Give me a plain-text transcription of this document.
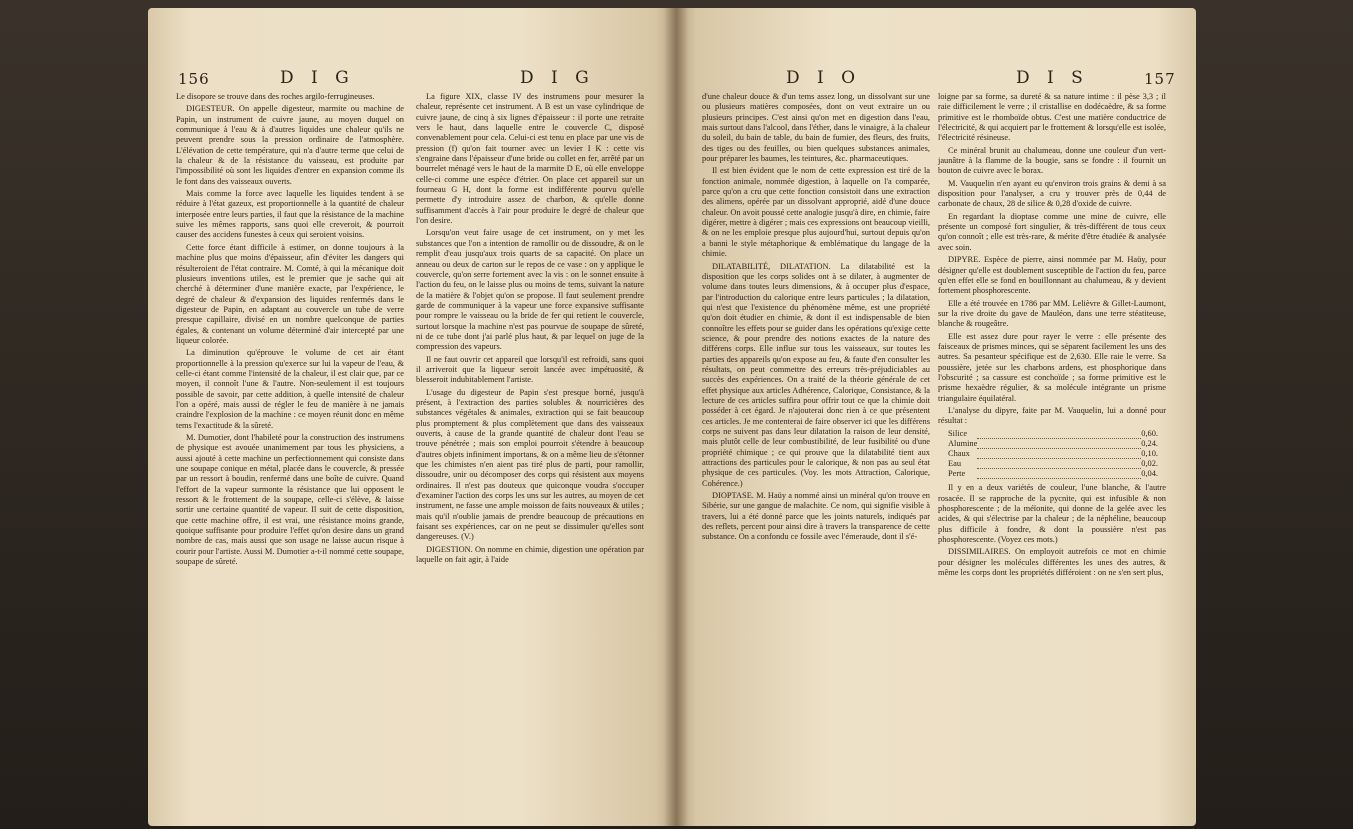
156	D I G	D I G

Le disopore se trouve dans des roches argilo-ferrugineuses.

DIGESTEUR. On appelle digesteur, marmite ou machine de Papin, un instrument de cuivre jaune, au moyen duquel on communique à l'eau & à d'autres liquides une chaleur qu'ils ne peuvent prendre sous la pression ordinaire de l'atmosphère. L'élévation de cette température, qui n'a d'autre terme que celui de la chaleur & de la résistance du vaisseau, est produite par l'impossibilité où sont les liquides d'entrer en expansion comme ils le font dans des vaisseaux ouverts.

Mais comme la force avec laquelle les liquides tendent à se réduire à l'état gazeux, est proportionnelle à la quantité de chaleur interposée entre leurs parties, il faut que la résistance de la machine suive les mêmes rapports, sans quoi elle creveroit, & pourroit causer des accidens funestes à ceux qui seroient voisins.

Cette force étant difficile à estimer, on donne toujours à la machine plus que moins d'épaisseur, afin d'éviter les dangers qui résulteroient de l'état contraire. M. Comté, à qui la mécanique doit plusieurs inventions utiles, est le premier que je sache qui ait cherché à déterminer d'une manière exacte, par l'expérience, le degré de chaleur & d'expansion des liquides renfermés dans le digesteur de Papin, en adaptant au couvercle un tube de verre presque capillaire, divisé en un nombre quelconque de parties égales, & contenant un volume déterminé d'air intercepté par une liqueur colorée.

La diminution qu'éprouve le volume de cet air étant proportionnelle à la pression qu'exerce sur lui la vapeur de l'eau, & celle-ci étant comme l'intensité de la chaleur, il est clair que, par ce moyen, il connoît l'une & l'autre. Non-seulement il est toujours possible de savoir, par cette addition, à quelle intensité de chaleur l'on a opéré, mais aussi de régler le feu de manière à ne jamais craindre l'explosion de la machine : ce moyen réunit donc en même tems l'exactitude & la sûreté.

M. Dumotier, dont l'habileté pour la construction des instrumens de physique est avouée unanimement par tous les physiciens, a aussi ajouté à cette machine un perfectionnement qui consiste dans une soupape conique en métal, placée dans le couvercle, & pressée par un ressort à boudin, renfermé dans une boîte de cuivre. Quand l'effort de la vapeur surmonte la résistance que lui opposent le ressort & le frottement de la soupape, celle-ci s'élève, & laisse sortir une certaine quantité de vapeur. Il suit de cette disposition, que cette machine offre, il est vrai, une résistance moins grande, quoique suffisante pour produire l'effet qu'on desire dans un grand nombre de cas, mais aussi que son usage ne laisse aucun risque à courir pour l'artiste. Aussi M. Dumotier a-t-il nommé cette soupape, soupape de sûreté.

La figure XIX, classe IV des instrumens pour mesurer la chaleur, représente cet instrument. A B est un vase cylindrique de cuivre jaune, de cinq à six lignes d'épaisseur : il porte une retraite vers le haut, dans laquelle entre le couvercle C, disposé convenablement pour cela. Celui-ci est tenu en place par une vis de pression (f) qu'on fait tourner avec un levier I K : cette vis s'engraine dans l'épaisseur d'une bride ou collet en fer, arrêté par un bourrelet ménagé vers le haut de la marmite D E, où elle enveloppe celle-ci comme une espèce d'étrier. On place cet appareil sur un fourneau G H, dont la forme est indifférente pourvu qu'elle permette d'y introduire assez de charbon, & qu'elle donne suffisamment d'accès à l'air pour produire le degré de chaleur que l'on desire.

Lorsqu'on veut faire usage de cet instrument, on y met les substances que l'on a intention de ramollir ou de dissoudre, & on le remplit d'eau jusqu'aux trois quarts de sa capacité. On place un anneau ou deux de carton sur le repos de ce vase : on y applique le couvercle, qu'on serre fortement avec la vis : on le sonnet ensuite à l'action du feu, on le laisse plus ou moins de tems, suivant la nature de la matière & l'objet qu'on se propose. Il faut seulement prendre garde de communiquer à la vapeur une force expansive suffisante pour rompre le vaisseau ou la bride de fer qui retient le couvercle, surtout lorsque la machine n'est pas pourvue de soupape de sûreté, ni de ce tube dont j'ai parlé plus haut, & par lequel on juge de la compression des vapeurs.

Il ne faut ouvrir cet appareil que lorsqu'il est refroidi, sans quoi il arriveroit que la liqueur seroit lancée avec impétuosité, & blesseroit indubitablement l'artiste.

L'usage du digesteur de Papin s'est presque borné, jusqu'à présent, à l'extraction des parties solubles & nourricières des substances végétales & animales, extraction qui se fait beaucoup plus promptement & plus complètement que dans des vaisseaux ouverts, à cause de la grande quantité de chaleur dont l'eau se trouve pénétrée ; mais son emploi pourroit s'étendre à beaucoup d'autres objets infiniment importans, & on a même lieu de s'étonner que les chimistes n'en aient pas tiré plus de parti, pour ramollir, dissoudre, unir ou décomposer des corps qui résistent aux moyens ordinaires. Il n'est pas douteux que quiconque voudra s'occuper d'examiner l'action des corps les uns sur les autres, au moyen de cet instrument, ne fasse une ample moisson de faits nouveaux & utiles ; mais qu'il n'oublie jamais de prendre beaucoup de précautions en faisant ses expériences, car on ne peut se dissimuler qu'elles sont dangereuses. (V.)

DIGESTION. On nomme en chimie, digestion une opération par laquelle on fait agir, à l'aide

D I O	D I S	157

d'une chaleur douce & d'un tems assez long, un dissolvant sur une ou plusieurs matières composées, dont on veut extraire un ou plusieurs principes. C'est ainsi qu'on met en digestion dans l'eau, mais surtout dans l'alcool, dans l'éther, dans le vinaigre, à la chaleur du soleil, du bain de table, du bain de fumier, des fleurs, des fruits, des tiges ou des feuilles, ou bien quelques substances animales, pour préparer les baumes, les teintures, &c. pharmaceutiques.

Il est bien évident que le nom de cette expression est tiré de la fonction animale, nommée digestion, à laquelle on l'a comparée, parce qu'on a cru que cette fonction consistoit dans une extraction des alimens, opérée par un dissolvant approprié, aidé d'une douce chaleur. On avoit poussé cette analogie jusqu'à dire, en chimie, faire digérer, mettre à digérer ; mais ces expressions ont beaucoup vieilli, & on ne les emploie presque plus aujourd'hui, surtout depuis qu'on a banni le style métaphorique & emblématique du langage de la chimie.

DILATABILITÉ, DILATATION. La dilatabilité est la disposition que les corps solides ont à se dilater, à augmenter de volume dans toutes leurs dimensions, & à occuper plus d'espace, par l'introduction du calorique entre leurs particules ; la dilatation, qui n'est que l'existence du phénomène même, est une propriété qu'on doit étudier en chimie, & dont il est indispensable de bien connoître les effets pour se guider dans les opérations qu'exige cette science, & pour prendre des notions exactes de la nature des différens corps. Elle influe sur tous les vaisseaux, sur toutes les parties des appareils qu'on expose au feu, & faute d'en consulter les résultats, on peut commettre des erreurs très-préjudiciables au succès des expériences. On a traité de la théorie générale de cet effet physique aux articles Adhérence, Calorique, Consistance, & la lecture de ces articles suffira pour offrir tout ce que la chimie doit posséder à cet égard. Je n'ajouterai donc rien à ce que présentent ces articles. Je me contenterai de faire observer ici que les différens corps ne suivent pas dans leur dilatation la raison de leur densité, mais plutôt celle de leur combustibilité, de leur fusibilité ou d'une propriété chimique ; ce qui prouve que la dilatabilité tient aux attractions des particules pour le calorique, & non pas au seul état physique de ces particules. (Voy. les mots Attraction, Calorique, Cohérence.)

DIOPTASE. M. Haüy a nommé ainsi un minéral qu'on trouve en Sibérie, sur une gangue de malachite. Ce nom, qui signifie visible à travers, lui a été donné parce que les joints naturels, indiqués par des reflets, percent pour ainsi dire à travers la transparence de cette substance. On a confondu ce fossile avec l'émeraude, dont il s'é-

loigne par sa forme, sa dureté & sa nature intime : il pèse 3,3 ; il raie difficilement le verre ; il cristallise en dodécaèdre, & sa forme primitive est le rhomboïde obtus. C'est une matière conductrice de l'électricité, & qui acquiert par le frottement & lorsqu'elle est isolée, l'électricité résineuse.

Ce minéral brunit au chalumeau, donne une couleur d'un vert-jaunâtre à la flamme de la bougie, sans se fondre : il fournit un bouton de cuivre avec le borax.

M. Vauquelin n'en ayant eu qu'environ trois grains & demi à sa disposition pour l'analyser, a cru y trouver près de 0,44 de carbonate de chaux, 28 de silice & 0,28 d'oxide de cuivre.

En regardant la dioptase comme une mine de cuivre, elle présente un composé fort singulier, & très-différent de tous ceux qu'on connoît ; elle est très-rare, & mérite d'être étudiée & analysée avec soin.

DIPYRE. Espèce de pierre, ainsi nommée par M. Haüy, pour désigner qu'elle est doublement susceptible de l'action du feu, parce qu'en effet elle se fond en bouillonnant au chalumeau, & y devient fortement phosphorescente.

Elle a été trouvée en 1786 par MM. Lelièvre & Gillet-Laumont, sur la rive droite du gave de Mauléon, dans une terre stéatiteuse, blanche & rougeâtre.

Elle est assez dure pour rayer le verre : elle présente des faisceaux de prismes minces, qui se séparent facilement les uns des autres. Sa pesanteur spécifique est de 2,630. Elle raie le verre. Sa poussière, jetée sur les charbons ardens, est phosphorique dans l'obscurité ; sa cassure est conchoïde ; sa forme primitive est le prisme hexaèdre régulier, & sa molécule intégrante un prisme triangulaire équilatéral.

L'analyse du dipyre, faite par M. Vauquelin, lui a donné pour résultat :

Silice		0,60.
Alumine		0,24.
Chaux		0,10.
Eau		0,02.
Perte		0,04.

Il y en a deux variétés de couleur, l'une blanche, & l'autre rosacée. Il se rapproche de la pycnite, qui est infusible & non phosphorescente ; de la méïonite, qui donne de la gelée avec les acides, & qui s'électrise par la chaleur ; de la néphéline, beaucoup plus difficile à fondre, & dont la poussière n'est pas phosphorescente. (Voyez ces mots.)

DISSIMILAIRES. On employoit autrefois ce mot en chimie pour désigner les molécules différentes les unes des autres, & même les corps dont les propriétés différoient : on ne s'en sert plus,
